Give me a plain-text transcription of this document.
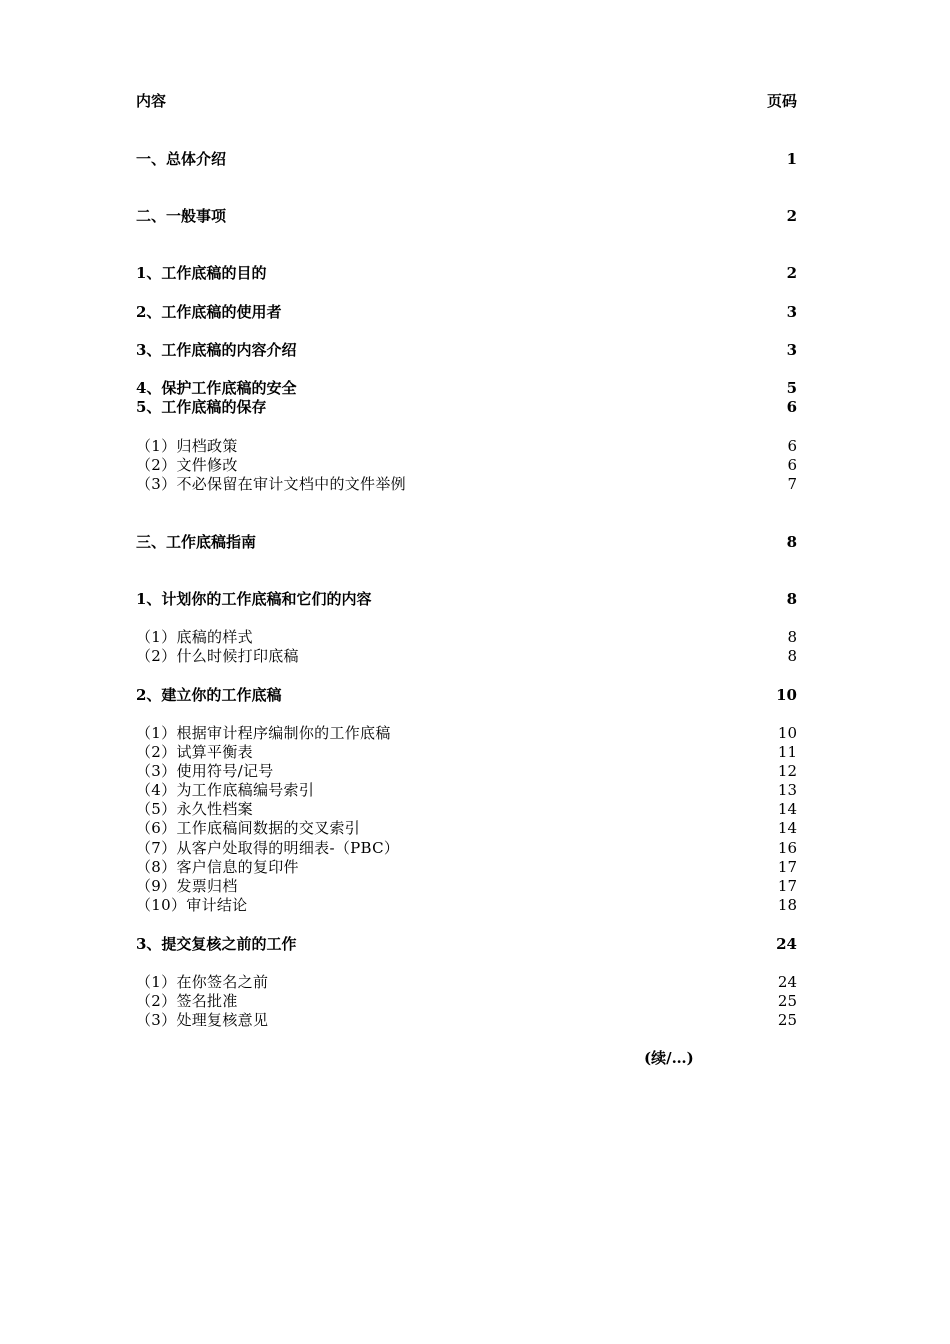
内容	页码
一、总体介绍	1
二、一般事项	2
1、工作底稿的目的	2
2、工作底稿的使用者	3
3、工作底稿的内容介绍	3
4、保护工作底稿的安全	5
5、工作底稿的保存	6
（1）归档政策	6
（2）文件修改	6
（3）不必保留在审计文档中的文件举例	7
三、工作底稿指南	8
1、计划你的工作底稿和它们的内容	8
（1）底稿的样式	8
（2）什么时候打印底稿	8
2、建立你的工作底稿	10
（1）根据审计程序编制你的工作底稿	10
（2）试算平衡表	11
（3）使用符号/记号	12
（4）为工作底稿编号索引	13
（5）永久性档案	14
（6）工作底稿间数据的交叉索引	14
（7）从客户处取得的明细表-（PBC）	16
（8）客户信息的复印件	17
（9）发票归档	17
（10）审计结论	18
3、提交复核之前的工作	24
（1）在你签名之前	24
（2）签名批准	25
（3）处理复核意见	25
(续/…)
